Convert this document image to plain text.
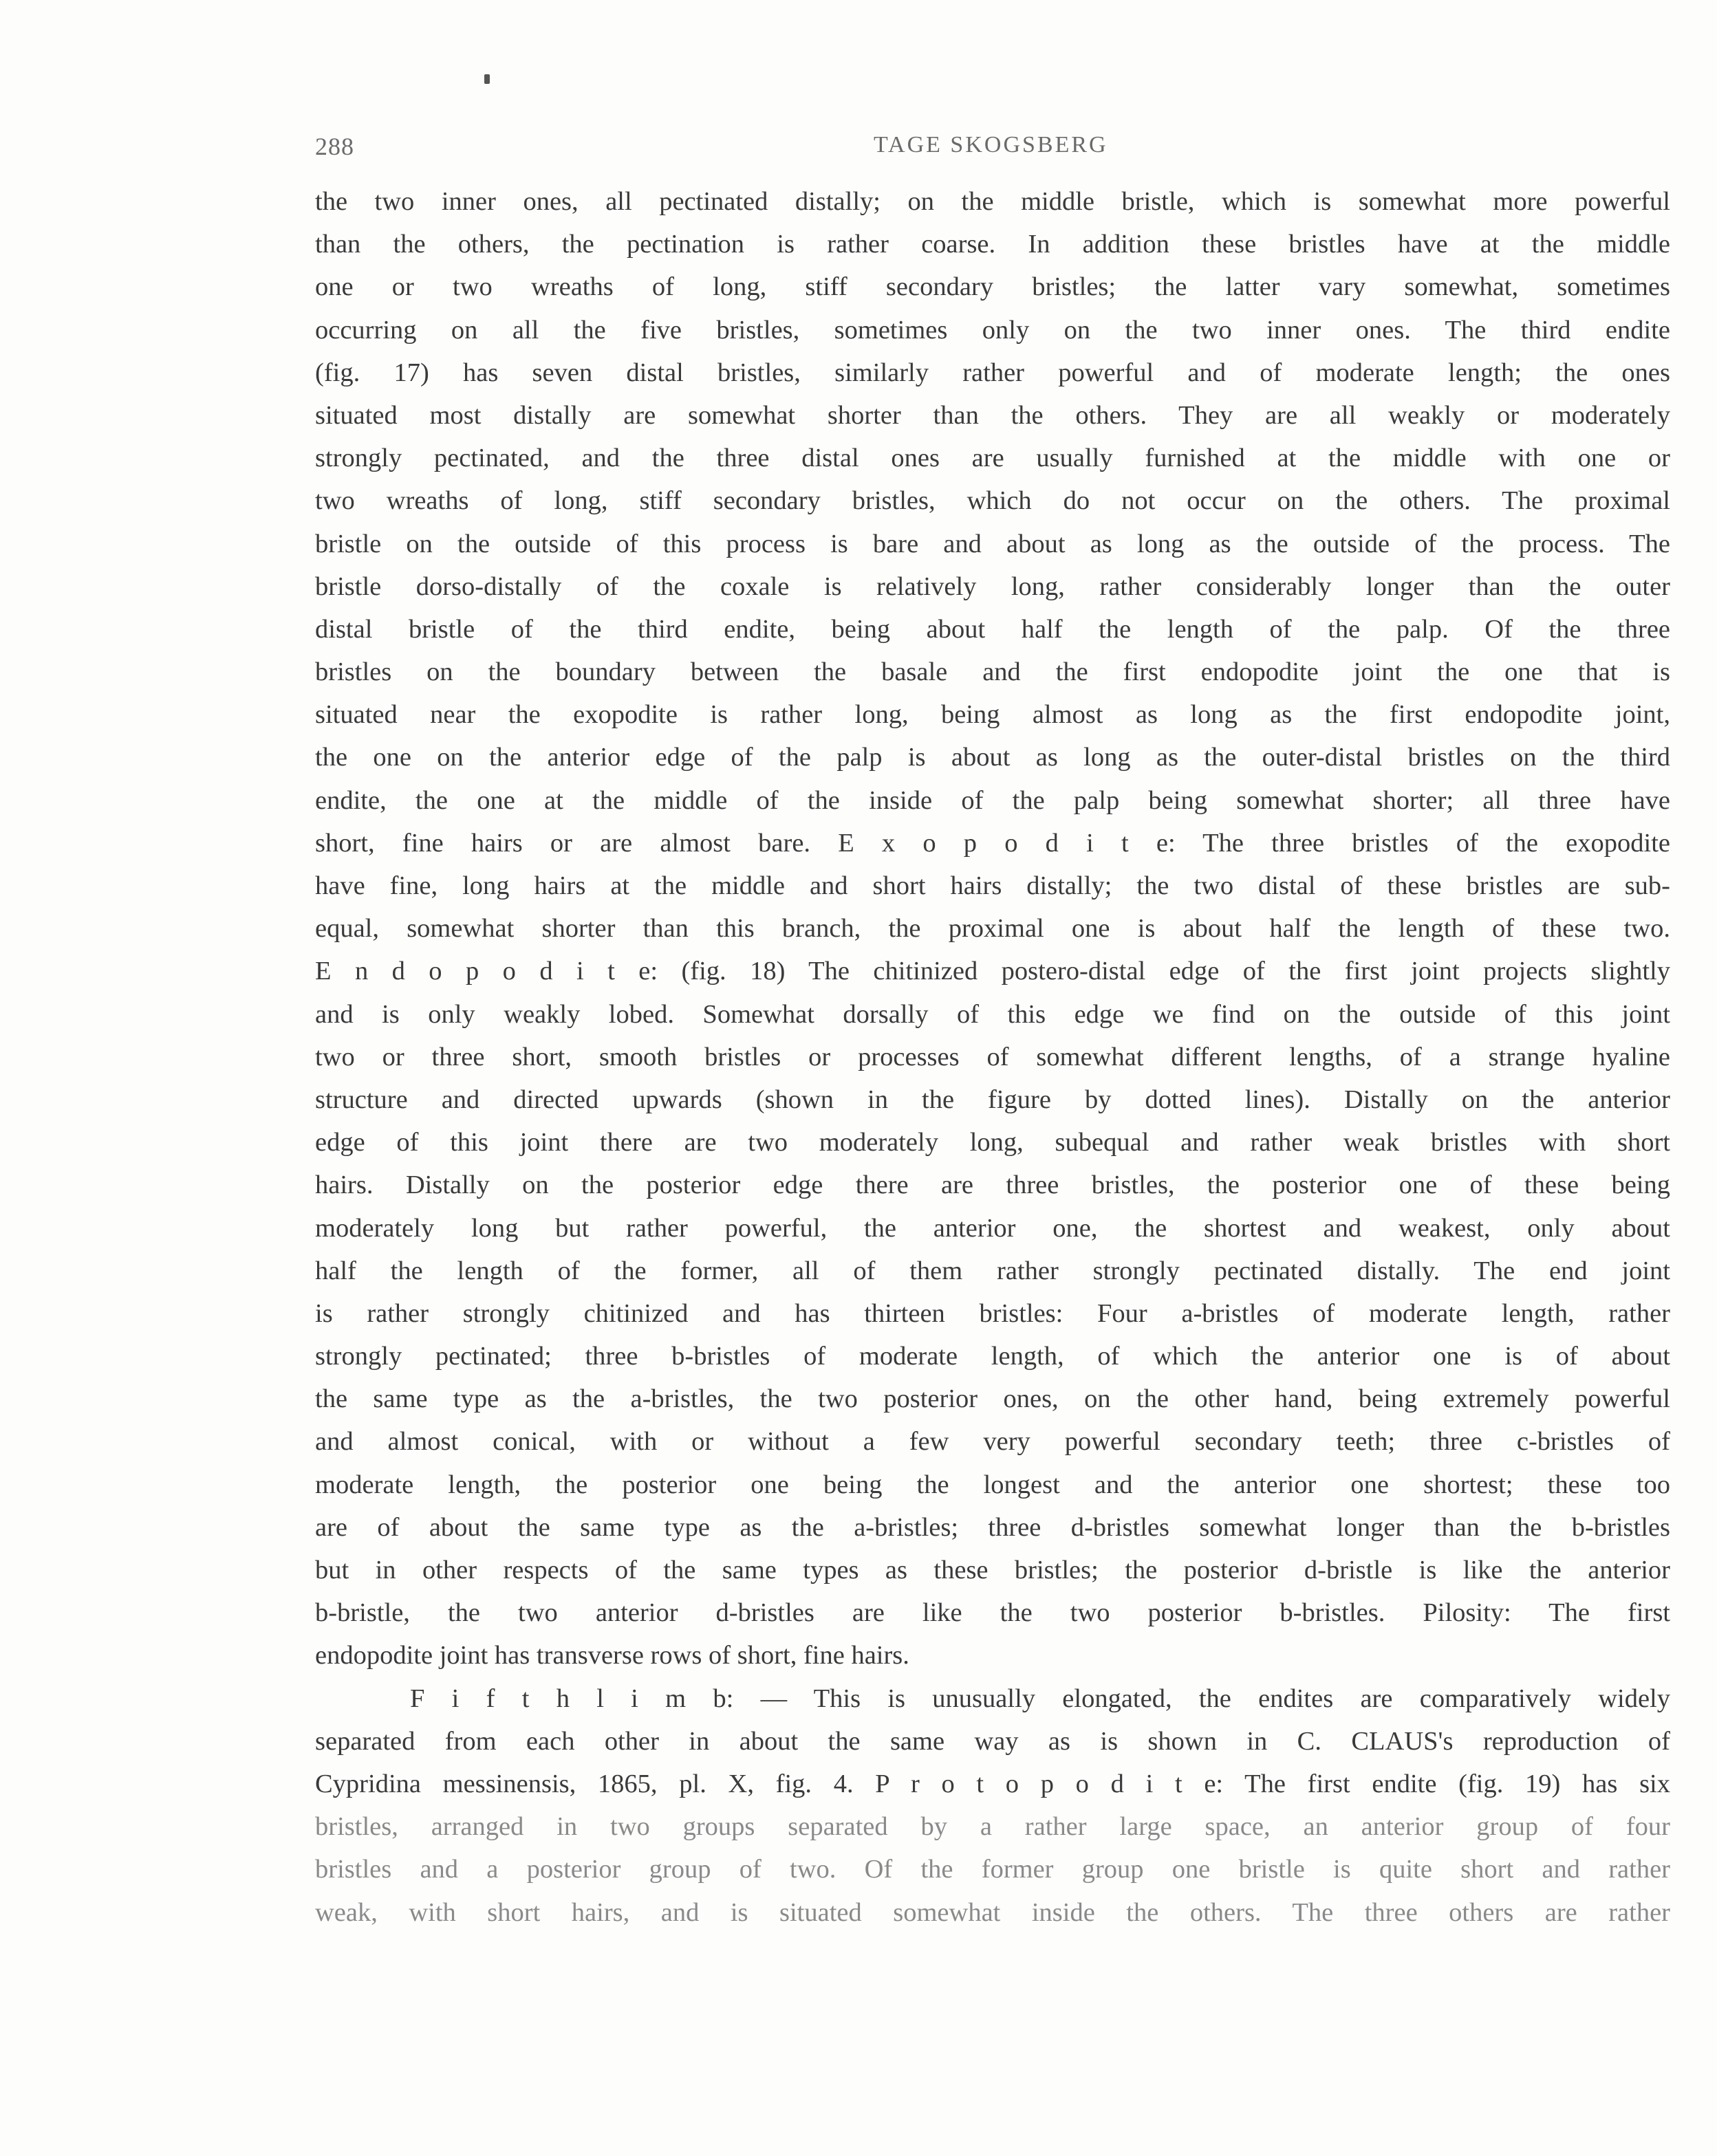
288	TAGE SKOGSBERG
the two inner ones, all pectinated distally; on the middle bristle, which is somewhat more powerful
than the others, the pectination is rather coarse. In addition these bristles have at the middle
one or two wreaths of long, stiff secondary bristles; the latter vary somewhat, sometimes
occurring on all the five bristles, sometimes only on the two inner ones. The third endite
(fig. 17) has seven distal bristles, similarly rather powerful and of moderate length; the ones
situated most distally are somewhat shorter than the others. They are all weakly or moderately
strongly pectinated, and the three distal ones are usually furnished at the middle with one or
two wreaths of long, stiff secondary bristles, which do not occur on the others. The proximal
bristle on the outside of this process is bare and about as long as the outside of the process. The
bristle dorso-distally of the coxale is relatively long, rather considerably longer than the outer
distal bristle of the third endite, being about half the length of the palp. Of the three
bristles on the boundary between the basale and the first endopodite joint the one that is
situated near the exopodite is rather long, being almost as long as the first endopodite joint,
the one on the anterior edge of the palp is about as long as the outer-distal bristles on the third
endite, the one at the middle of the inside of the palp being somewhat shorter; all three have
short, fine hairs or are almost bare. E x o p o d i t e: The three bristles of the exopodite
have fine, long hairs at the middle and short hairs distally; the two distal of these bristles are sub-
equal, somewhat shorter than this branch, the proximal one is about half the length of these two.
E n d o p o d i t e: (fig. 18) The chitinized postero-distal edge of the first joint projects slightly
and is only weakly lobed. Somewhat dorsally of this edge we find on the outside of this joint
two or three short, smooth bristles or processes of somewhat different lengths, of a strange hyaline
structure and directed upwards (shown in the figure by dotted lines). Distally on the anterior
edge of this joint there are two moderately long, subequal and rather weak bristles with short
hairs. Distally on the posterior edge there are three bristles, the posterior one of these being
moderately long but rather powerful, the anterior one, the shortest and weakest, only about
half the length of the former, all of them rather strongly pectinated distally. The end joint
is rather strongly chitinized and has thirteen bristles: Four a-bristles of moderate length, rather
strongly pectinated; three b-bristles of moderate length, of which the anterior one is of about
the same type as the a-bristles, the two posterior ones, on the other hand, being extremely powerful
and almost conical, with or without a few very powerful secondary teeth; three c-bristles of
moderate length, the posterior one being the longest and the anterior one shortest; these too
are of about the same type as the a-bristles; three d-bristles somewhat longer than the b-bristles
but in other respects of the same types as these bristles; the posterior d-bristle is like the anterior
b-bristle, the two anterior d-bristles are like the two posterior b-bristles. Pilosity: The first
endopodite joint has transverse rows of short, fine hairs.
F i f t h l i m b: — This is unusually elongated, the endites are comparatively widely
separated from each other in about the same way as is shown in C. CLAUS's reproduction of
Cypridina messinensis, 1865, pl. X, fig. 4. P r o t o p o d i t e: The first endite (fig. 19) has six
bristles, arranged in two groups separated by a rather large space, an anterior group of four
bristles and a posterior group of two. Of the former group one bristle is quite short and rather
weak, with short hairs, and is situated somewhat inside the others. The three others are rather
